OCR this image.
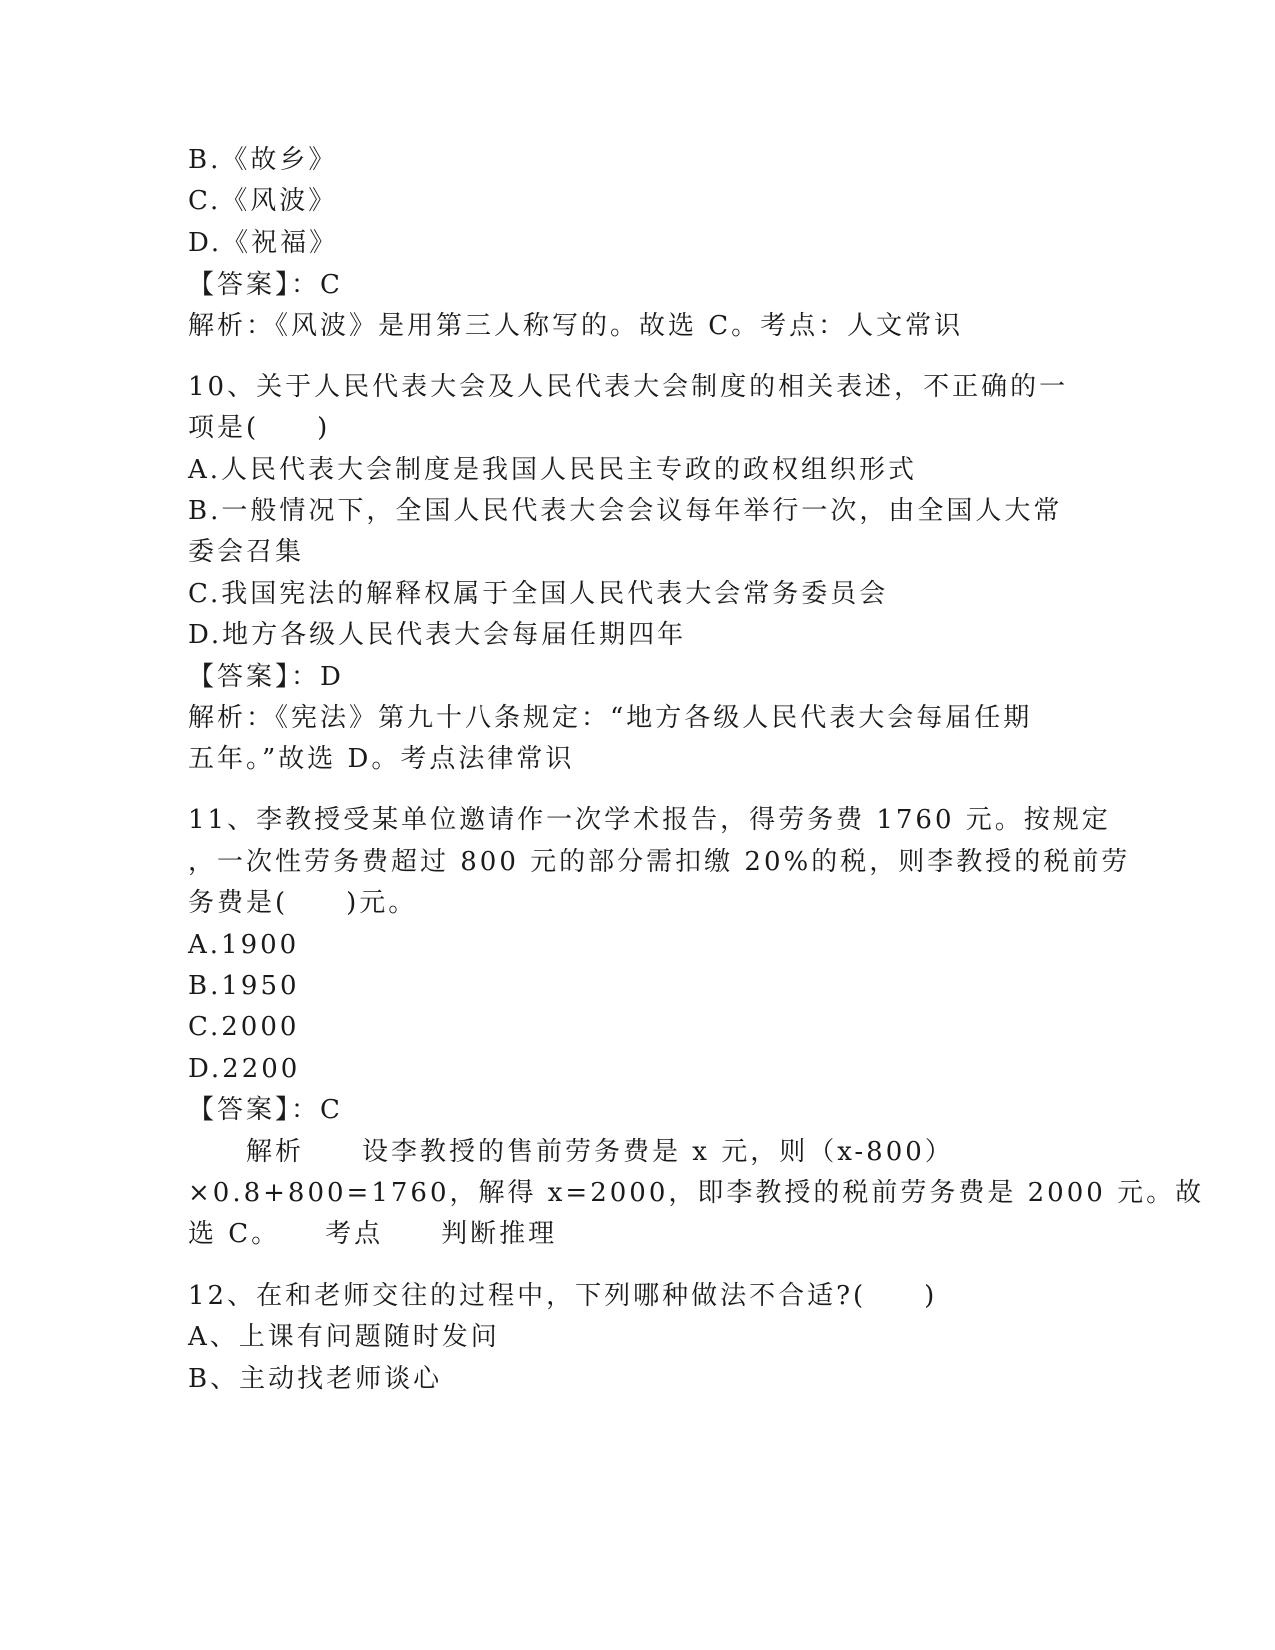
B.《故乡》
C.《风波》
D.《祝福》
【答案】：C
解析：《风波》是用第三人称写的。故选 C。考点：人文常识
10、关于人民代表大会及人民代表大会制度的相关表述，不正确的一
项是(　　)
A.人民代表大会制度是我国人民民主专政的政权组织形式
B.一般情况下，全国人民代表大会会议每年举行一次，由全国人大常
委会召集
C.我国宪法的解释权属于全国人民代表大会常务委员会
D.地方各级人民代表大会每届任期四年
【答案】：D
解析：《宪法》第九十八条规定：“地方各级人民代表大会每届任期
五年。”故选 D。考点法律常识
11、李教授受某单位邀请作一次学术报告，得劳务费 1760 元。按规定
，一次性劳务费超过 800 元的部分需扣缴 20%的税，则李教授的税前劳
务费是(　　)元。
A.1900
B.1950
C.2000
D.2200
【答案】：C
　　解析　　设李教授的售前劳务费是 x 元，则（x-800）
×0.8+800=1760，解得 x=2000，即李教授的税前劳务费是 2000 元。故
选 C。　　考点　　判断推理
12、在和老师交往的过程中，下列哪种做法不合适?(　　)
A、上课有问题随时发问
B、主动找老师谈心
